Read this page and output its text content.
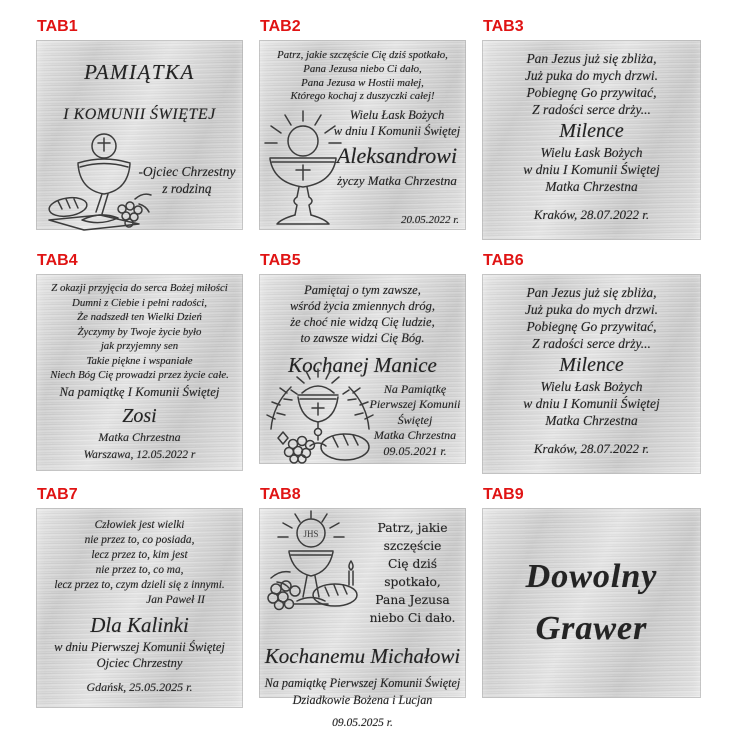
TAB1
PAMIĄTKA
I KOMUNII ŚWIĘTEJ
-Ojciec Chrzestny
z rodziną
TAB2
Patrz, jakie szczęście Cię dziś spotkało,
Pana Jezusa niebo Ci dało,
Pana Jezusa w Hostii małej,
Którego kochaj z duszyczki całej!
Wielu Łask Bożych
w dniu I Komunii Świętej
Aleksandrowi
życzy Matka Chrzestna
20.05.2022 r.
TAB3
Pan Jezus już się zbliża,
Już puka do mych drzwi.
Pobiegnę Go przywitać,
Z radości serce drży...
Milence
Wielu Łask Bożych
w dniu I Komunii Świętej
Matka Chrzestna
Kraków, 28.07.2022 r.
TAB4
Z okazji przyjęcia do serca Bożej miłości
Dumni z Ciebie i pełni radości,
Że nadszedł ten Wielki Dzień
Życzymy by Twoje życie było
jak przyjemny sen
Takie piękne i wspaniałe
Niech Bóg Cię prowadzi przez życie całe.
Na pamiątkę I Komunii Świętej
Zosi
Matka Chrzestna
Warszawa, 12.05.2022 r
TAB5
Pamiętaj o tym zawsze,
wśród życia zmiennych dróg,
że choć nie widzą Cię ludzie,
to zawsze widzi Cię Bóg.
Kochanej Manice
Na Pamiątkę
Pierwszej Komunii
Świętej
Matka Chrzestna
09.05.2021 r.
TAB6
Pan Jezus już się zbliża,
Już puka do mych drzwi.
Pobiegnę Go przywitać,
Z radości serce drży...
Milence
Wielu Łask Bożych
w dniu I Komunii Świętej
Matka Chrzestna
Kraków, 28.07.2022 r.
TAB7
Człowiek jest wielki
nie przez to, co posiada,
lecz przez to, kim jest
nie przez to, co ma,
lecz przez to, czym dzieli się z innymi.
Jan Paweł II
Dla Kalinki
w dniu Pierwszej Komunii Świętej
Ojciec Chrzestny
Gdańsk, 25.05.2025 r.
TAB8
JHS	Patrz, jakie szczęście
Cię dziś spotkało,
Pana Jezusa
niebo Ci dało.
Kochanemu Michałowi
Na pamiątkę Pierwszej Komunii Świętej
Dziadkowie Bożena i Lucjan
09.05.2025 r.
TAB9
Dowolny
Grawer
